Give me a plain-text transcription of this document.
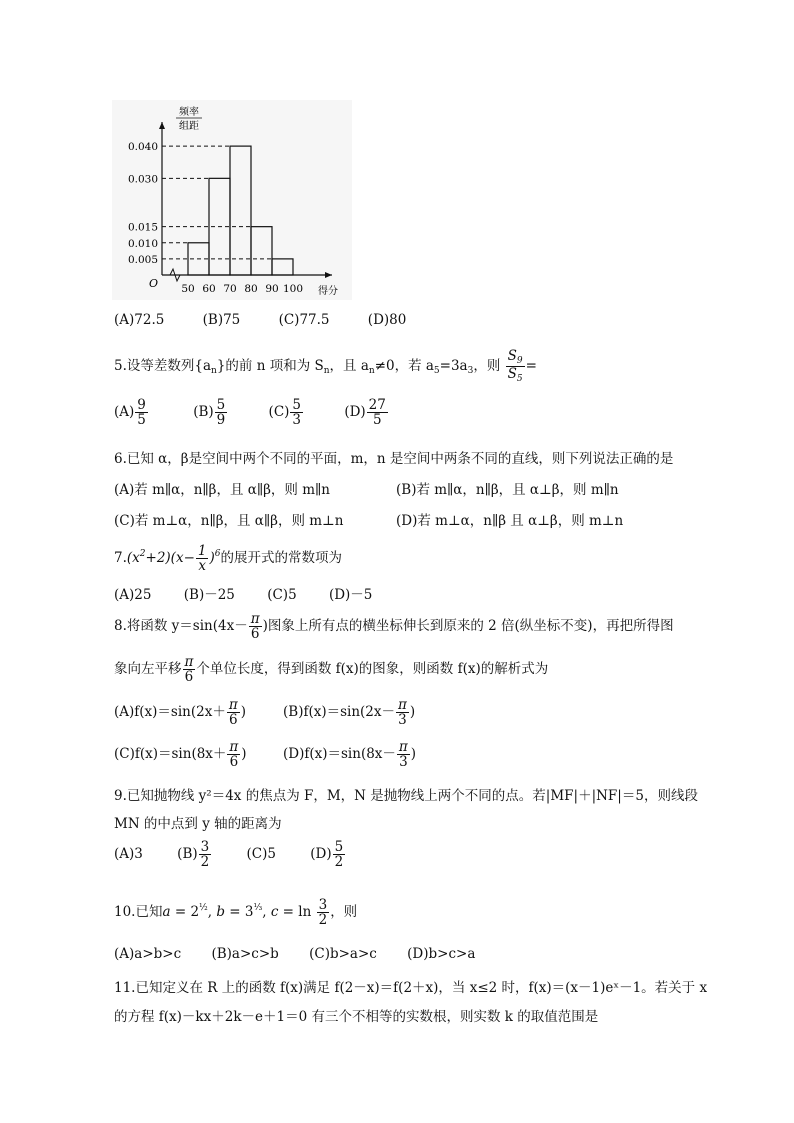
频率
组距
O
得分
0.040
0.030
0.015
0.010
0.005
50 60 70 80 90 100
(A)72.5	(B)75	(C)77.5	(D)80
5.设等差数列$\{a_n\}$的前 n 项和为 $S_n$，且 $a_n\ne 0$，若 $a_5=3a_3$，则 $\frac{S_9}{S_5}$ =
$(A) \frac{9}{5}$	$(B) \frac{5}{9}$	$(C) \frac{5}{3}$	$(D) \frac{27}{5}$
6.已知 α，β是空间中两个不同的平面，m，n 是空间中两条不同的直线，则下列说法正确的是
(A)若 m∥α，n∥β，且 α∥β，则 m∥n	(B)若 m∥α，n∥β，且 α⊥β，则 m∥n
(C)若 m⊥α，n∥β，且 α∥β，则 m⊥n	(D)若 m⊥α，n∥β 且 α⊥β，则 m⊥n
$7.(x^2+2)(x- \frac{1}{x} )^6$的展开式的常数项为
(A)25 (B)－25 (C)5 (D)－5
8.将函数 $y=\sin(4x- \frac{\pi}{6}$ )图象上所有点的横坐标伸长到原来的 2 倍(纵坐标不变)，再把所得图
象向左平移 $\frac{\pi}{6}$ 个单位长度，得到函数 f(x)的图象，则函数 f(x)的解析式为
$(A)f(x)=\sin(2x+ \frac{\pi}{6}$ )	$(B)f(x)=\sin(2x- \frac{\pi}{3}$ )
$(C)f(x)=\sin(8x+ \frac{\pi}{6}$ )	$(D)f(x)=\sin(8x- \frac{\pi}{3}$ )
9.已知抛物线 y²＝4x 的焦点为 F，M，N 是抛物线上两个不同的点。若|MF|＋|NF|＝5，则线段
MN 的中点到 y 轴的距离为
(A)3	$(B) \frac{3}{2}$	(C)5	$(D) \frac{5}{2}$
10.已知$a = 2^{\frac{1}{2}}$, $b = 3^{\frac{1}{3}}$, $c = \ln \frac{3}{2}$ ，则
(A)a>b>c (B)a>c>b (C)b>a>c (D)b>c>a
11.已知定义在 R 上的函数 f(x)满足 f(2－x)＝f(2＋x)，当 x≤2 时，f(x)＝(x－1)eˣ－1。若关于 x
的方程 f(x)－kx＋2k－e＋1＝0 有三个不相等的实数根，则实数 k 的取值范围是
